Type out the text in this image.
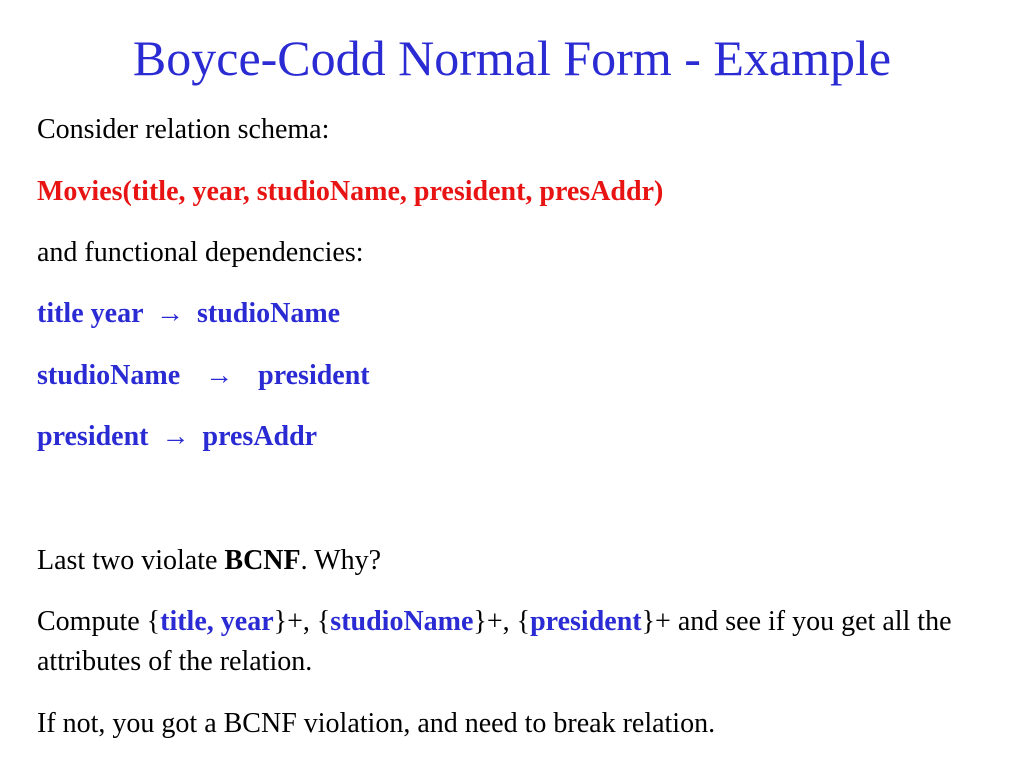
Boyce-Codd Normal Form - Example
Consider relation schema:
Movies(title, year, studioName, president, presAddr)
and functional dependencies:
title year → studioName
studioName → president
president → presAddr
Last two violate BCNF. Why?
Compute {title, year}+, {studioName}+, {president}+ and see if you get all the attributes of the relation.
If not, you got a BCNF violation, and need to break relation.
